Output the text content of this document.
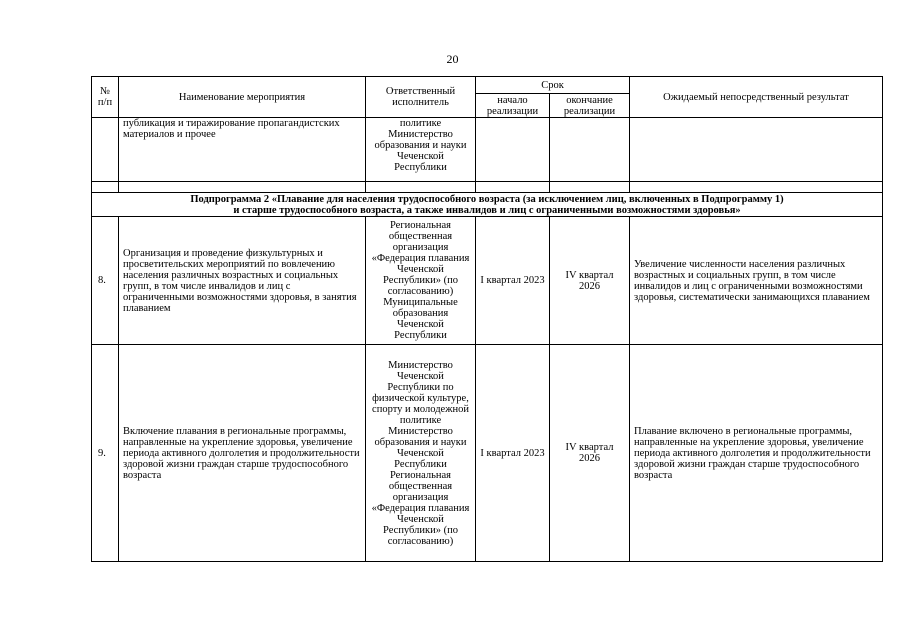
20
№ п/п	Наименование мероприятия	Ответственный исполнитель	Срок		Ожидаемый непосредственный результат
			начало реализации	окончание реализации	
	публикация и тиражирование пропагандистских материалов и прочее	политике Министерство образования и науки Чеченской Республики			

Подпрограмма 2 «Плавание для населения трудоспособного возраста (за исключением лиц, включенных в Подпрограмму 1)
и старше трудоспособного возраста, а также инвалидов и лиц с ограниченными возможностями здоровья»					

8.	Организация и проведение физкультурных и просветительских мероприятий по вовлечению населения различных возрастных и социальных групп, в том числе инвалидов и лиц с ограниченными возможностями здоровья, в занятия плаванием	Региональная общественная организация «Федерация плавания Чеченской Республики» (по согласованию) Муниципальные образования Чеченской Республики	I квартал 2023	IV квартал 2026	Увеличение численности населения различных возрастных и социальных групп, в том числе инвалидов и лиц с ограниченными возможностями здоровья, систематически занимающихся плаванием
9.	Включение плавания в региональные программы, направленные на укрепление здоровья, увеличение периода активного долголетия и продолжительности здоровой жизни граждан старше трудоспособного возраста	Министерство Чеченской Республики по физической культуре, спорту и молодежной политике Министерство образования и науки Чеченской Республики Региональная общественная организация «Федерация плавания Чеченской Республики» (по согласованию)	I квартал 2023	IV квартал 2026	Плавание включено в региональные программы, направленные на укрепление здоровья, увеличение периода активного долголетия и продолжительности здоровой жизни граждан старше трудоспособного возраста
